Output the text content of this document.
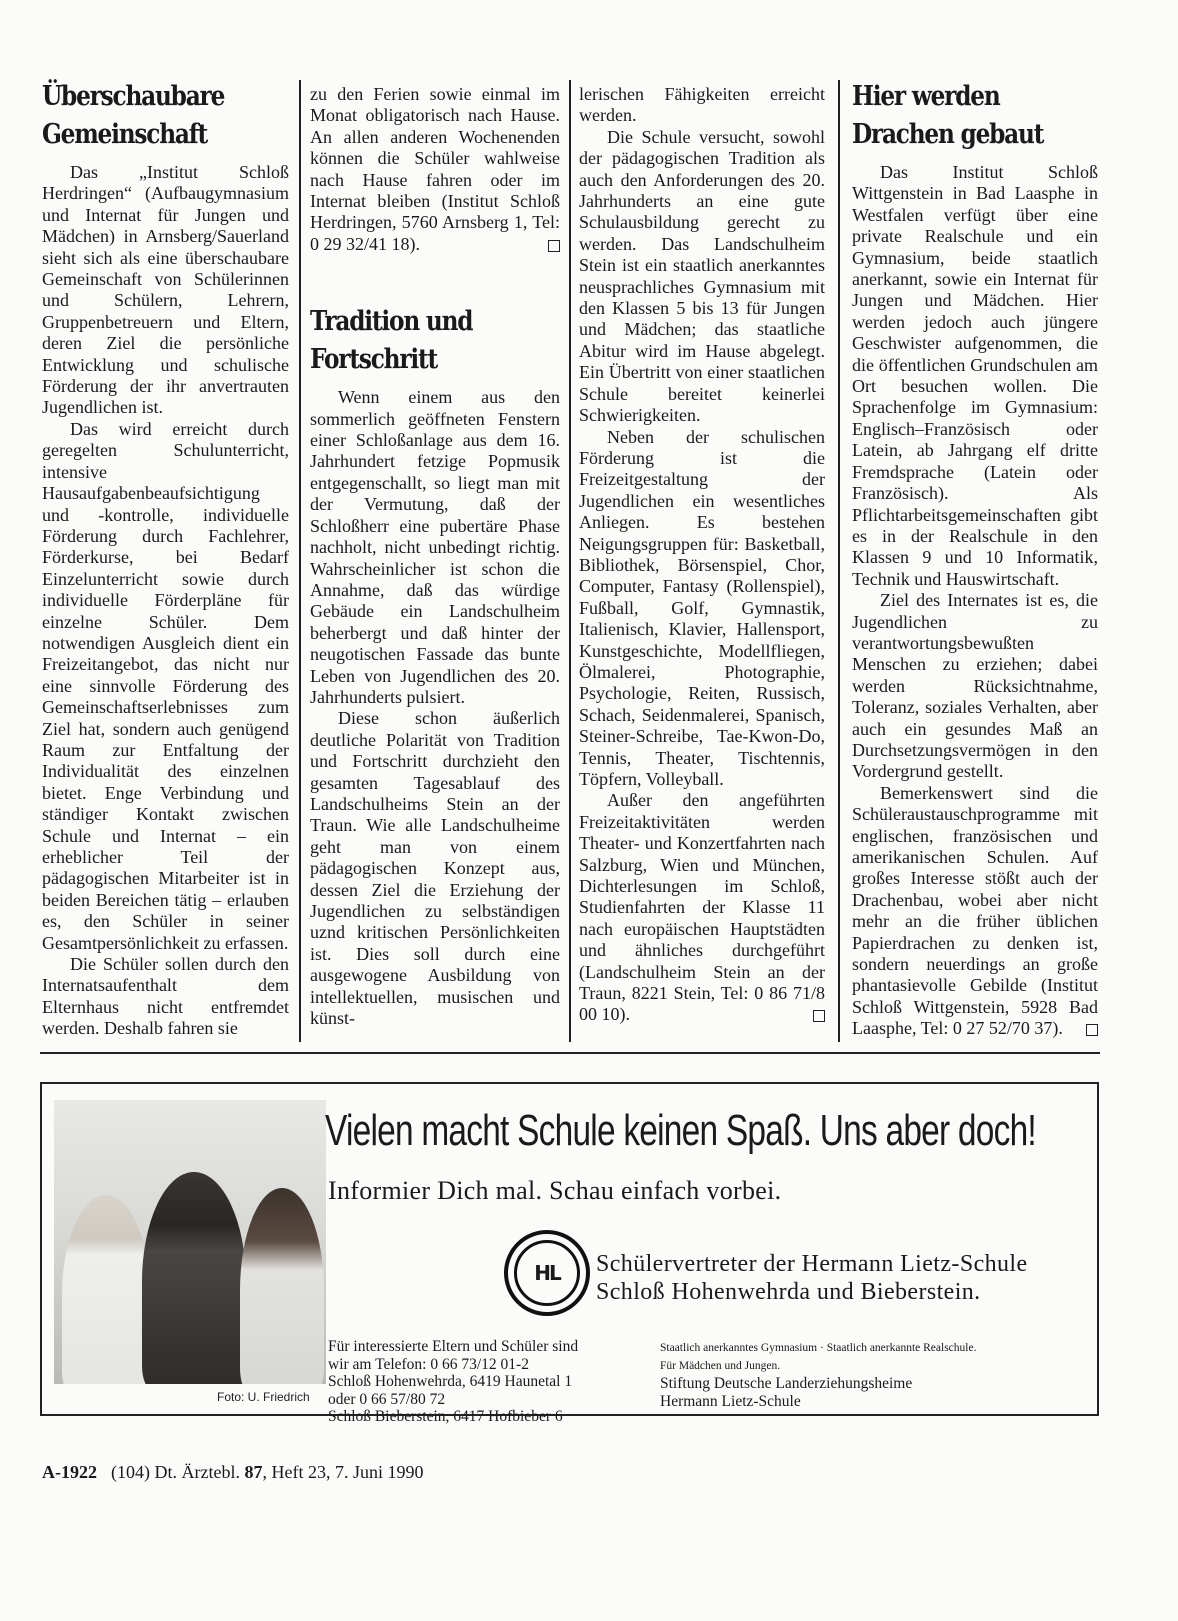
Überschaubare
Gemeinschaft

Das „Institut Schloß Herdringen“ (Aufbaugymnasium und Internat für Jungen und Mädchen) in Arnsberg/Sauerland sieht sich als eine überschaubare Gemeinschaft von Schülerinnen und Schülern, Lehrern, Gruppenbetreuern und Eltern, deren Ziel die persönliche Entwicklung und schulische Förderung der ihr anvertrauten Jugendlichen ist.

Das wird erreicht durch geregelten Schulunterricht, intensive Hausaufgabenbeaufsichtigung und -kontrolle, individuelle Förderung durch Fachlehrer, Förderkurse, bei Bedarf Einzelunterricht sowie durch individuelle Förderpläne für einzelne Schüler. Dem notwendigen Ausgleich dient ein Freizeitangebot, das nicht nur eine sinnvolle Förderung des Gemeinschaftserlebnisses zum Ziel hat, sondern auch genügend Raum zur Entfaltung der Individualität des einzelnen bietet. Enge Verbindung und ständiger Kontakt zwischen Schule und Internat – ein erheblicher Teil der pädagogischen Mitarbeiter ist in beiden Bereichen tätig – erlauben es, den Schüler in seiner Gesamtpersönlichkeit zu erfassen.

Die Schüler sollen durch den Internatsaufenthalt dem Elternhaus nicht entfremdet werden. Deshalb fahren sie

zu den Ferien sowie einmal im Monat obligatorisch nach Hause. An allen anderen Wochenenden können die Schüler wahlweise nach Hause fahren oder im Internat bleiben (Institut Schloß Herdringen, 5760 Arnsberg 1, Tel: 0 29 32/41 18).

Tradition und
Fortschritt

Wenn einem aus den sommerlich geöffneten Fenstern einer Schloßanlage aus dem 16. Jahrhundert fetzige Popmusik entgegenschallt, so liegt man mit der Vermutung, daß der Schloßherr eine pubertäre Phase nachholt, nicht unbedingt richtig. Wahrscheinlicher ist schon die Annahme, daß das würdige Gebäude ein Landschulheim beherbergt und daß hinter der neugotischen Fassade das bunte Leben von Jugendlichen des 20. Jahrhunderts pulsiert.

Diese schon äußerlich deutliche Polarität von Tradition und Fortschritt durchzieht den gesamten Tagesablauf des Landschulheims Stein an der Traun. Wie alle Landschulheime geht man von einem pädagogischen Konzept aus, dessen Ziel die Erziehung der Jugendlichen zu selbständigen uznd kritischen Persönlichkeiten ist. Dies soll durch eine ausgewogene Ausbildung von intellektuellen, musischen und künst-

lerischen Fähigkeiten erreicht werden.

Die Schule versucht, sowohl der pädagogischen Tradition als auch den Anforderungen des 20. Jahrhunderts an eine gute Schulausbildung gerecht zu werden. Das Landschulheim Stein ist ein staatlich anerkanntes neusprachliches Gymnasium mit den Klassen 5 bis 13 für Jungen und Mädchen; das staatliche Abitur wird im Hause abgelegt. Ein Übertritt von einer staatlichen Schule bereitet keinerlei Schwierigkeiten.

Neben der schulischen Förderung ist die Freizeitgestaltung der Jugendlichen ein wesentliches Anliegen. Es bestehen Neigungsgruppen für: Basketball, Bibliothek, Börsenspiel, Chor, Computer, Fantasy (Rollenspiel), Fußball, Golf, Gymnastik, Italienisch, Klavier, Hallensport, Kunstgeschichte, Modellfliegen, Ölmalerei, Photographie, Psychologie, Reiten, Russisch, Schach, Seidenmalerei, Spanisch, Steiner-Schreibe, Tae-Kwon-Do, Tennis, Theater, Tischtennis, Töpfern, Volleyball.

Außer den angeführten Freizeitaktivitäten werden Theater- und Konzertfahrten nach Salzburg, Wien und München, Dichterlesungen im Schloß, Studienfahrten der Klasse 11 nach europäischen Hauptstädten und ähnliches durchgeführt (Landschulheim Stein an der Traun, 8221 Stein, Tel: 0 86 71/8 00 10).

Hier werden
Drachen gebaut

Das Institut Schloß Wittgenstein in Bad Laasphe in Westfalen verfügt über eine private Realschule und ein Gymnasium, beide staatlich anerkannt, sowie ein Internat für Jungen und Mädchen. Hier werden jedoch auch jüngere Geschwister aufgenommen, die die öffentlichen Grundschulen am Ort besuchen wollen. Die Sprachenfolge im Gymnasium: Englisch–Französisch oder Latein, ab Jahrgang elf dritte Fremdsprache (Latein oder Französisch). Als Pflichtarbeitsgemeinschaften gibt es in der Realschule in den Klassen 9 und 10 Informatik, Technik und Hauswirtschaft.

Ziel des Internates ist es, die Jugendlichen zu verantwortungsbewußten Menschen zu erziehen; dabei werden Rücksichtnahme, Toleranz, soziales Verhalten, aber auch ein gesundes Maß an Durchsetzungsvermögen in den Vordergrund gestellt.

Bemerkenswert sind die Schüleraustauschprogramme mit englischen, französischen und amerikanischen Schulen. Auf großes Interesse stößt auch der Drachenbau, wobei aber nicht mehr an die früher üblichen Papierdrachen zu denken ist, sondern neuerdings an große phantasievolle Gebilde (Institut Schloß Wittgenstein, 5928 Bad Laasphe, Tel: 0 27 52/70 37).

Foto: U. Friedrich
Vielen macht Schule keinen Spaß. Uns aber doch!
Informier Dich mal. Schau einfach vorbei.
HL	Schülervertreter der Hermann Lietz-Schule
Schloß Hohenwehrda und Bieberstein.
Für interessierte Eltern und Schüler sind
wir am Telefon: 0 66 73/12 01-2
Schloß Hohenwehrda, 6419 Haunetal 1
oder 0 66 57/80 72
Schloß Bieberstein, 6417 Hofbieber 6
Staatlich anerkanntes Gymnasium · Staatlich anerkannte Realschule.
Für Mädchen und Jungen.
Stiftung Deutsche Landerziehungsheime
Hermann Lietz-Schule
A-1922 (104) Dt. Ärztebl. 87, Heft 23, 7. Juni 1990
